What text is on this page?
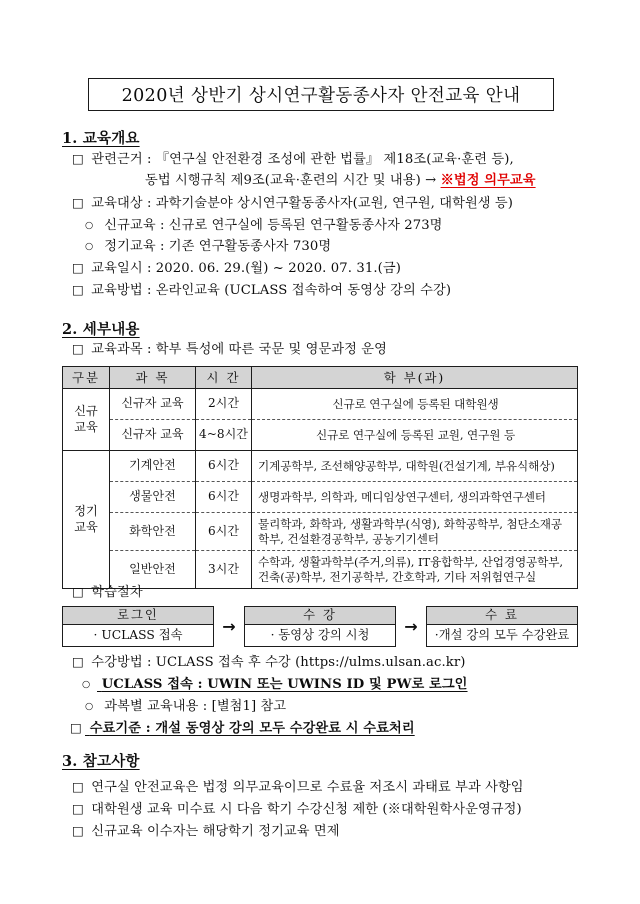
2020년 상반기 상시연구활동종사자 안전교육 안내
1. 교육개요
□ 관련근거 : 『연구실 안전환경 조성에 관한 법률』 제18조(교육·훈련 등),
동법 시행규칙 제9조(교육·훈련의 시간 및 내용) → ※법정 의무교육
□ 교육대상 : 과학기술분야 상시연구활동종사자(교원, 연구원, 대학원생 등)
○ 신규교육 : 신규로 연구실에 등록된 연구활동종사자 273명
○ 정기교육 : 기존 연구활동종사자 730명
□ 교육일시 : 2020. 06. 29.(월) ~ 2020. 07. 31.(금)
□ 교육방법 : 온라인교육 (UCLASS 접속하여 동영상 강의 수강)
2. 세부내용
□ 교육과목 : 학부 특성에 따른 국문 및 영문과정 운영
구분	과 목	시 간	학 부(과)
신규
교육	신규자 교육	2시간	신규로 연구실에 등록된 대학원생
	신규자 교육	4~8시간	신규로 연구실에 등록된 교원, 연구원 등
정기
교육	기계안전	6시간	기계공학부, 조선해양공학부, 대학원(건설기계, 부유식해상)
	생물안전	6시간	생명과학부, 의학과, 메디임상연구센터, 생의과학연구센터
	화학안전	6시간	물리학과, 화학과, 생활과학부(식영), 화학공학부, 첨단소재공학부, 건설환경공학부, 공농기기센터
	일반안전	3시간	수학과, 생활과학부(주거,의류), IT융합학부, 산업경영공학부, 건축(공)학부, 전기공학부, 간호학과, 기타 저위험연구실
□ 학습절차
로그인
· UCLASS 접속	→
수 강
· 동영상 강의 시청	→
수 료
·개설 강의 모두 수강완료
□ 수강방법 : UCLASS 접속 후 수강 (https://ulms.ulsan.ac.kr)
○ UCLASS 접속 : UWIN 또는 UWINS ID 및 PW로 로그인
○ 과복별 교육내용 : [별첨1] 참고
□ 수료기준 : 개설 동영상 강의 모두 수강완료 시 수료처리
3. 참고사항
□ 연구실 안전교육은 법정 의무교육이므로 수료율 저조시 과태료 부과 사항임
□ 대학원생 교육 미수료 시 다음 학기 수강신청 제한 (※대학원학사운영규정)
□ 신규교육 이수자는 해당학기 정기교육 면제
